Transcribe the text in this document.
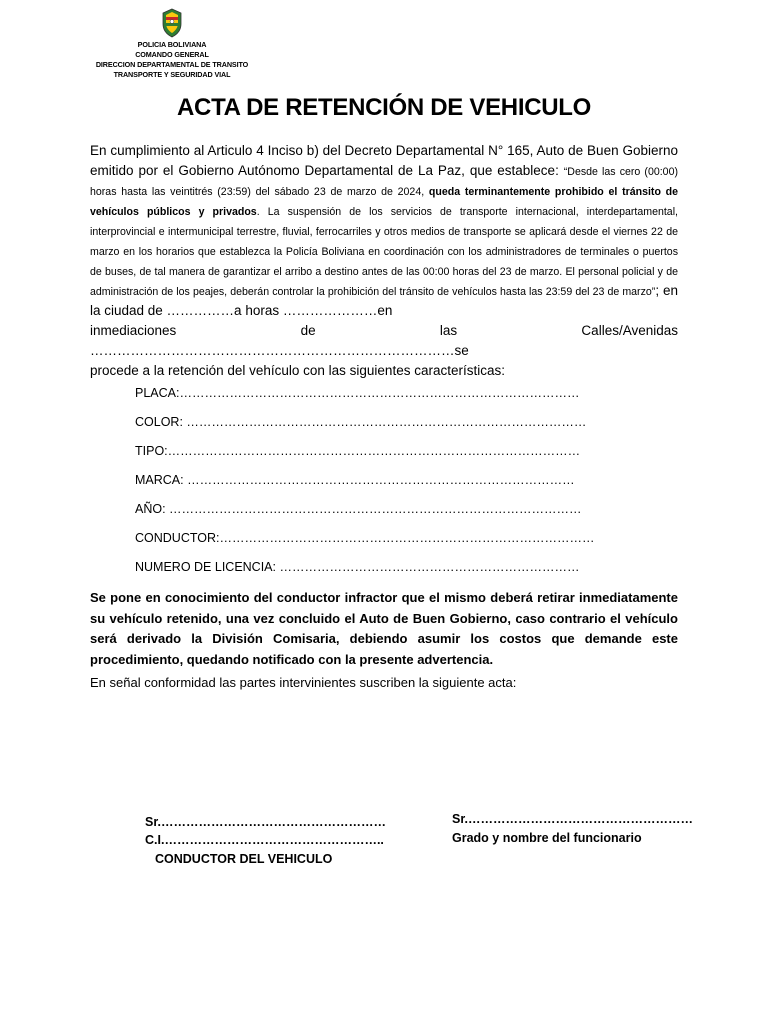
POLICIA BOLIVIANA
COMANDO GENERAL
DIRECCION DEPARTAMENTAL DE TRANSITO
TRANSPORTE Y SEGURIDAD VIAL
ACTA DE RETENCIÓN DE VEHICULO

En cumplimiento al Articulo 4 Inciso b) del Decreto Departamental N° 165, Auto de Buen Gobierno emitido por el Gobierno Autónomo Departamental de La Paz, que establece: “Desde las cero (00:00) horas hasta las veintitrés (23:59) del sábado 23 de marzo de 2024, queda terminantemente prohibido el tránsito de vehículos públicos y privados. La suspensión de los servicios de transporte internacional, interdepartamental, interprovincial e intermunicipal terrestre, fluvial, ferrocarriles y otros medios de transporte se aplicará desde el viernes 22 de marzo en los horarios que establezca la Policía Boliviana en coordinación con los administradores de terminales o puertos de buses, de tal manera de garantizar el arribo a destino antes de las 00:00 horas del 23 de marzo. El personal policial y de administración de los peajes, deberán controlar la prohibición del tránsito de vehículos hasta las 23:59 del 23 de marzo”; en la ciudad de ……………a horas …………………en

inmediaciones de las Calles/Avenidas ………………………………………………………………………se

procede a la retención del vehículo con las siguientes características:

PLACA:……………………………………………………………………………………
COLOR: ……………………………………………………………………………………
TIPO:………………………………………………………………………………………
MARCA: …………………………………………………………………………………
AÑO: ………………………………………………………………………………………
CONDUCTOR:………………………………………………………………………………
NUMERO DE LICENCIA: ………………………………………………………………

Se pone en conocimiento del conductor infractor que el mismo deberá retirar inmediatamente su vehículo retenido, una vez concluido el Auto de Buen Gobierno, caso contrario el vehículo será derivado la División Comisaria, debiendo asumir los costos que demande este procedimiento, quedando notificado con la presente advertencia.

En señal conformidad las partes intervinientes suscriben la siguiente acta:
Sr.………………………………………………
C.I.……………………………………………..
CONDUCTOR DEL VEHICULO
Sr.………………………………………………
Grado y nombre del funcionario
